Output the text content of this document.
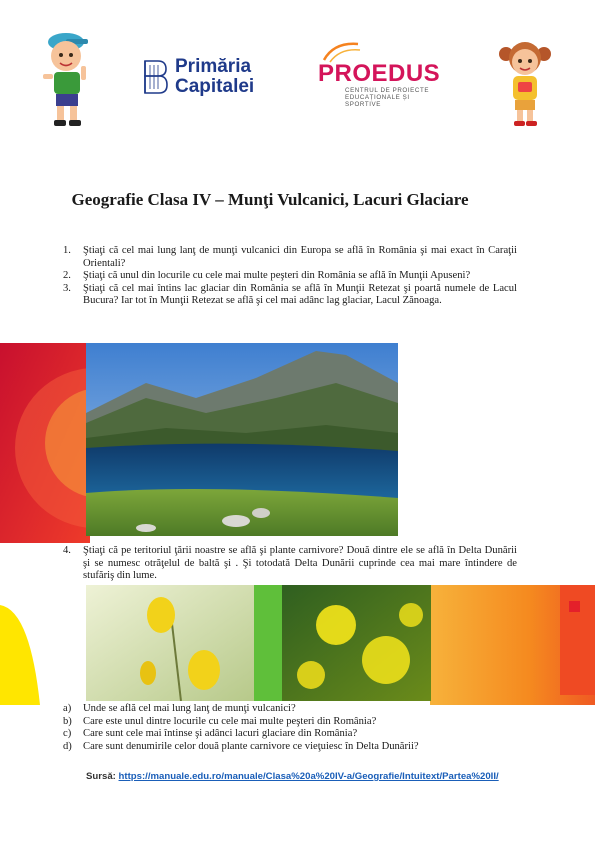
Primăria
Capitalei	PROEDUS
CENTRUL DE PROIECTE
EDUCAȚIONALE ȘI SPORTIVE
Geografie Clasa IV – Munţi Vulcanici, Lacuri Glaciare
1. Ştiaţi că cel mai lung lanţ de munţi vulcanici din Europa se află în România şi mai exact în Caraţii Orientali?
2. Ştiaţi că unul din locurile cu cele mai multe peşteri din România se află în Munţii Apuseni?
3. Ştiaţi că cel mai întins lac glaciar din România se află în Munţii Retezat şi poartă numele de Lacul Bucura? Iar tot în Munţii Retezat se află şi cel mai adânc lag glaciar, Lacul Zănoaga.
4. Ştiaţi că pe teritoriul ţării noastre se află şi plante carnivore? Două dintre ele se află în Delta Dunării şi se numesc otrăţelul de baltă şi . Şi totodată Delta Dunării cuprinde cea mai mare întindere de stufăriş din lume.
a) Unde se află cel mai lung lanţ de munţi vulcanici?
b) Care este unul dintre locurile cu cele mai multe peşteri din România?
c) Care sunt cele mai întinse şi adânci lacuri glaciare din România?
d) Care sunt denumirile celor două plante carnivore ce vieţuiesc în Delta Dunării?
Sursă: https://manuale.edu.ro/manuale/Clasa%20a%20IV-a/Geografie/Intuitext/Partea%20II/
